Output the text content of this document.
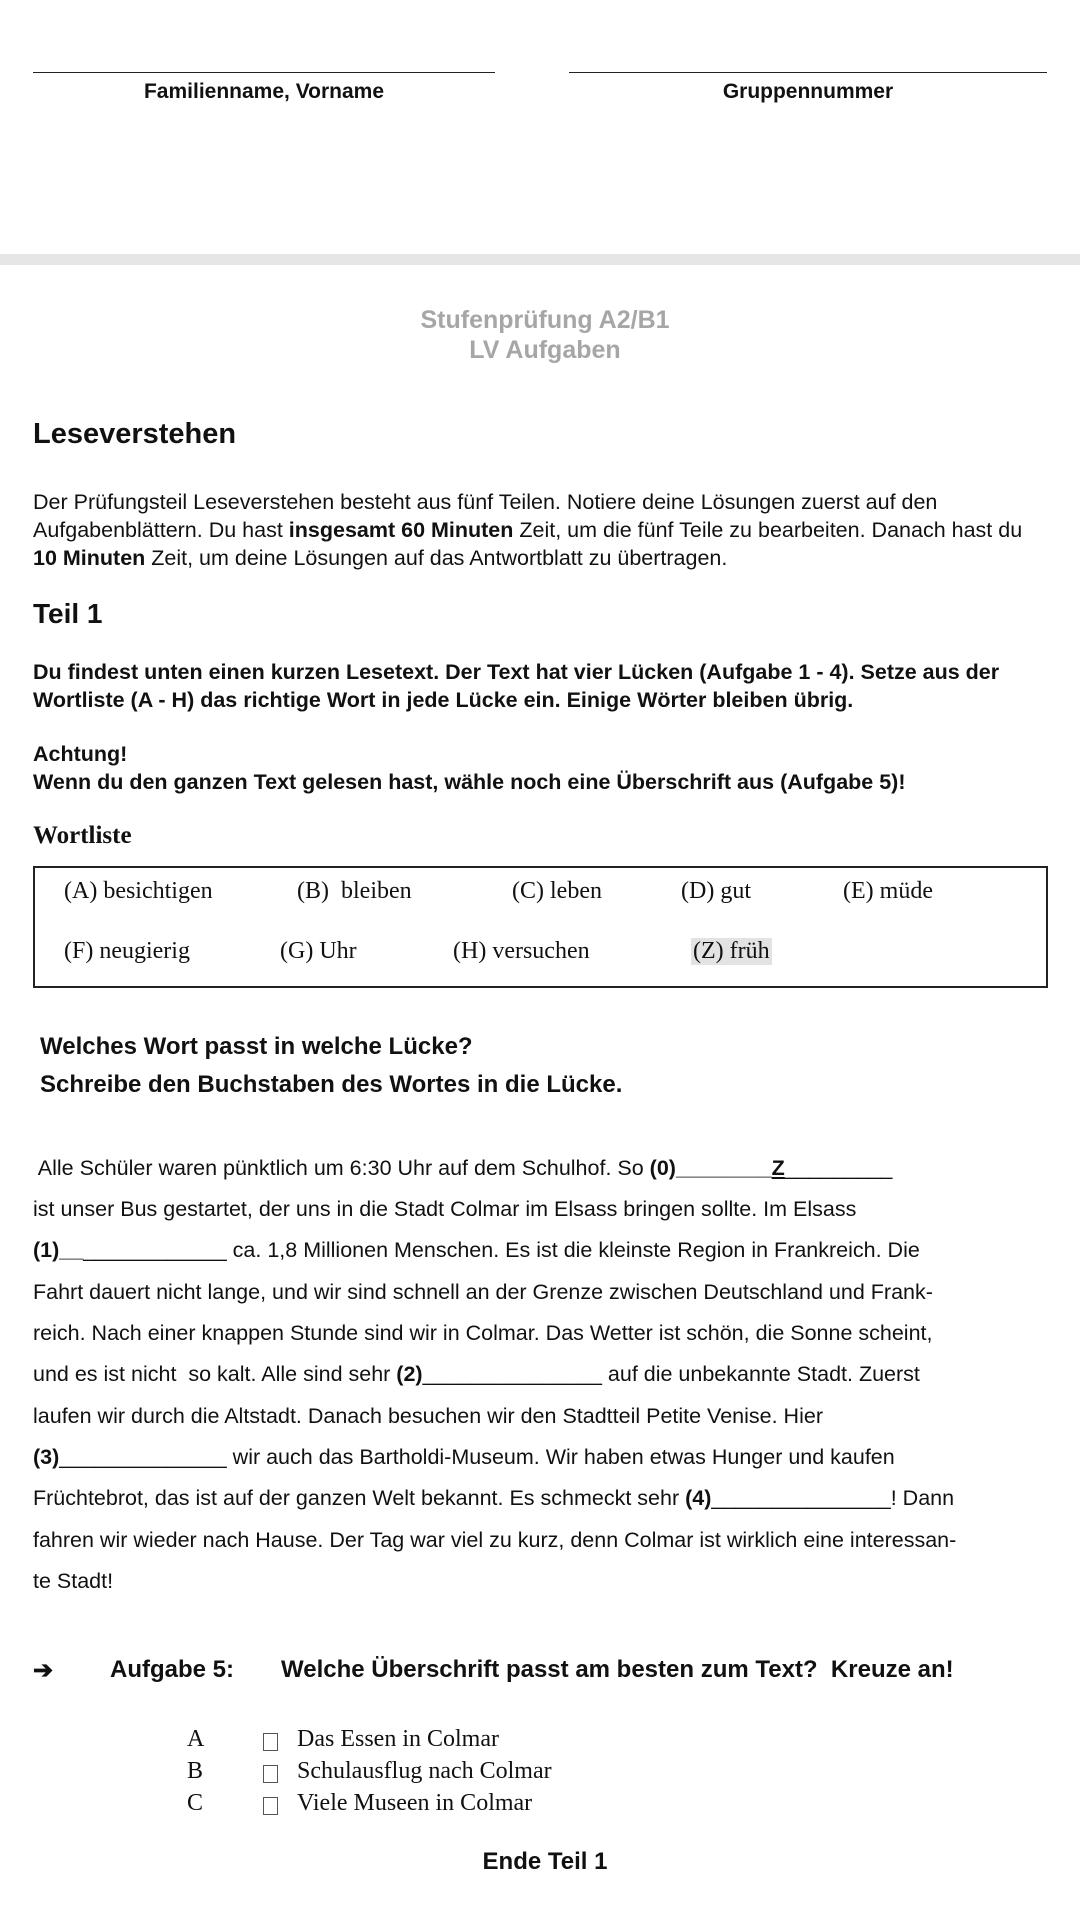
Familienname, Vorname	Gruppennummer
Stufenprüfung A2/B1
LV Aufgaben
Leseverstehen
Der Prüfungsteil Leseverstehen besteht aus fünf Teilen. Notiere deine Lösungen zuerst auf den Aufgabenblättern. Du hast insgesamt 60 Minuten Zeit, um die fünf Teile zu bearbeiten. Danach hast du 10 Minuten Zeit, um deine Lösungen auf das Antwortblatt zu übertragen.
Teil 1
Du findest unten einen kurzen Lesetext. Der Text hat vier Lücken (Aufgabe 1 - 4). Setze aus der Wortliste (A - H) das richtige Wort in jede Lücke ein. Einige Wörter bleiben übrig.
Achtung!
Wenn du den ganzen Text gelesen hast, wähle noch eine Überschrift aus (Aufgabe 5)!
Wortliste
(A) besichtigen	(B)  bleiben	(C) leben	(D) gut	(E) müde
(F) neugierig	(G) Uhr	(H) versuchen	(Z) früh
Welches Wort passt in welche Lücke?
Schreibe den Buchstaben des Wortes in die Lücke.
Alle Schüler waren pünktlich um 6:30 Uhr auf dem Schulhof. So (0)________Z_________
ist unser Bus gestartet, der uns in die Stadt Colmar im Elsass bringen sollte. Im Elsass
(1)______________ ca. 1,8 Millionen Menschen. Es ist die kleinste Region in Frankreich. Die
Fahrt dauert nicht lange, und wir sind schnell an der Grenze zwischen Deutschland und Frank-
reich. Nach einer knappen Stunde sind wir in Colmar. Das Wetter ist schön, die Sonne scheint,
und es ist nicht  so kalt. Alle sind sehr (2)_______________ auf die unbekannte Stadt. Zuerst
laufen wir durch die Altstadt. Danach besuchen wir den Stadtteil Petite Venise. Hier
(3)______________ wir auch das Bartholdi-Museum. Wir haben etwas Hunger und kaufen
Früchtebrot, das ist auf der ganzen Welt bekannt. Es schmeckt sehr (4)_______________! Dann
fahren wir wieder nach Hause. Der Tag war viel zu kurz, denn Colmar ist wirklich eine interessan-
te Stadt!
➔ Aufgabe 5: Welche Überschrift passt am besten zum Text?  Kreuze an!
A	Das Essen in Colmar
B	Schulausflug nach Colmar
C	Viele Museen in Colmar
Ende Teil 1
